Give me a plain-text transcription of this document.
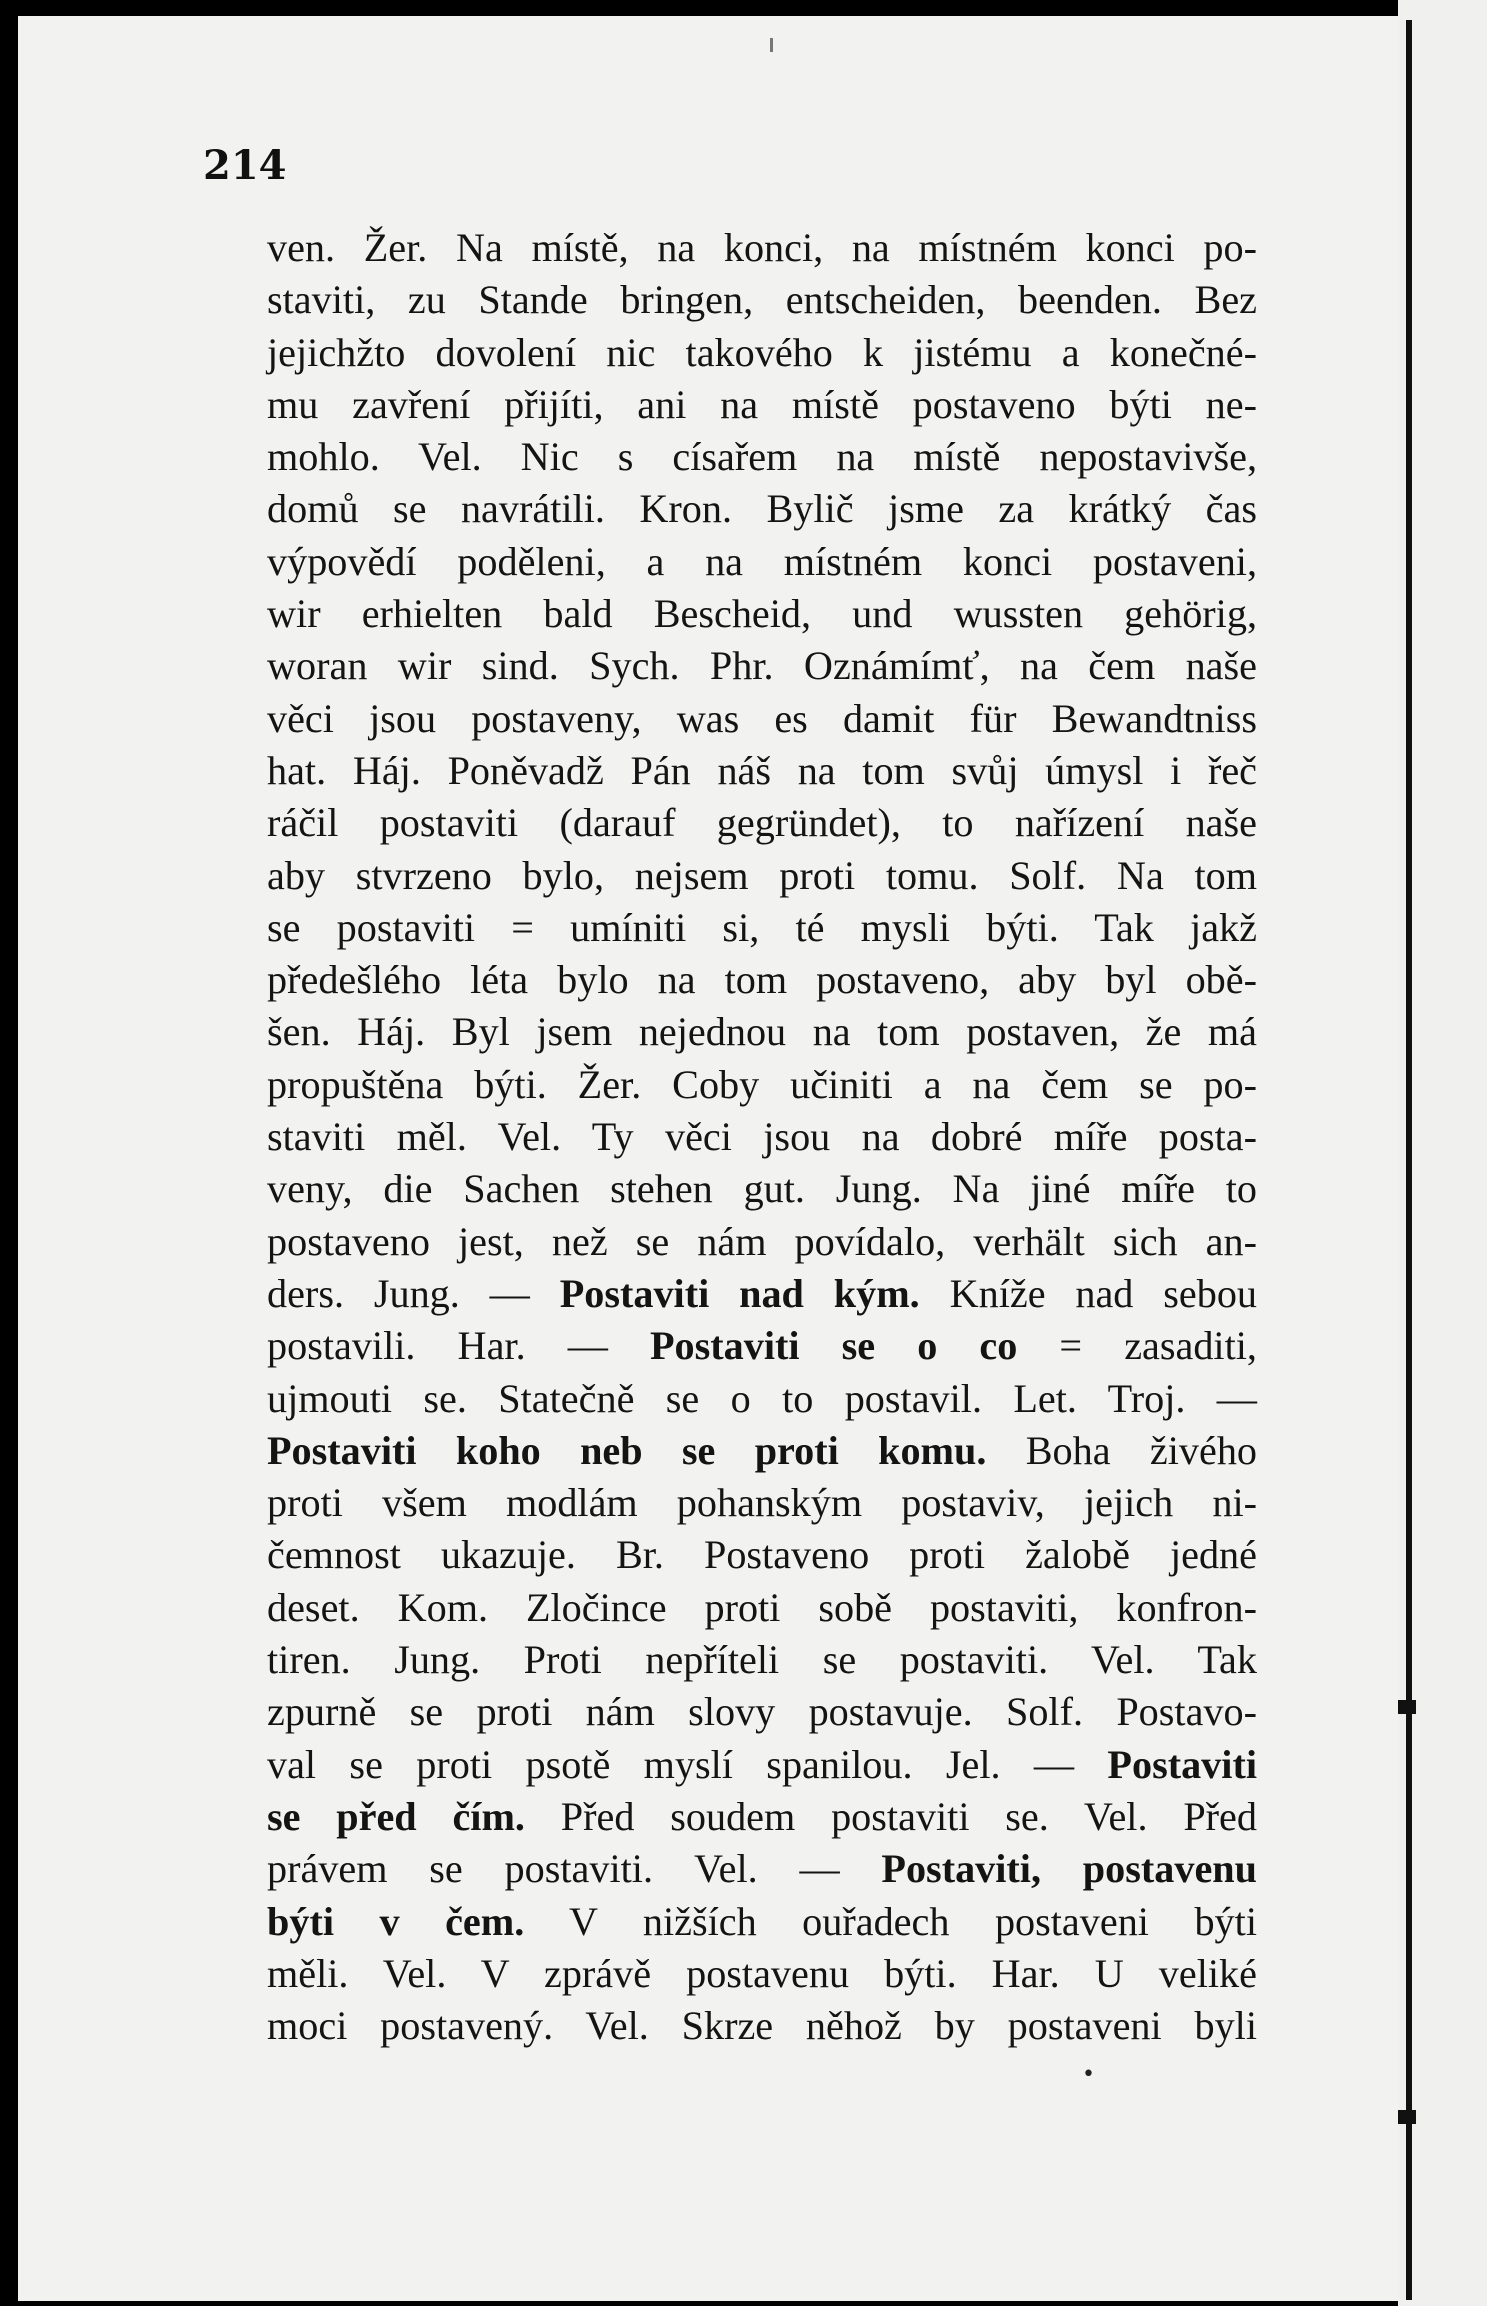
214
ven. Žer. Na místě, na konci, na místném konci po-
staviti, zu Stande bringen, entscheiden, beenden. Bez
jejichžto dovolení nic takového k jistému a konečné-
mu zavření přijíti, ani na místě postaveno býti ne-
mohlo. Vel. Nic s císařem na místě nepostavivše,
domů se navrátili. Kron. Bylič jsme za krátký čas
výpovědí poděleni, a na místném konci postaveni,
wir erhielten bald Bescheid, und wussten gehörig,
woran wir sind. Sych. Phr. Oznámímť, na čem naše
věci jsou postaveny, was es damit für Bewandtniss
hat. Háj. Poněvadž Pán náš na tom svůj úmysl i řeč
ráčil postaviti (darauf gegründet), to nařízení naše
aby stvrzeno bylo, nejsem proti tomu. Solf. Na tom
se postaviti = umíniti si, té mysli býti. Tak jakž
předešlého léta bylo na tom postaveno, aby byl obě-
šen. Háj. Byl jsem nejednou na tom postaven, že má
propuštěna býti. Žer. Coby učiniti a na čem se po-
staviti měl. Vel. Ty věci jsou na dobré míře posta-
veny, die Sachen stehen gut. Jung. Na jiné míře to
postaveno jest, než se nám povídalo, verhält sich an-
ders. Jung. — Postaviti nad kým. Kníže nad sebou
postavili. Har. — Postaviti se o co = zasaditi,
ujmouti se. Statečně se o to postavil. Let. Troj. —
Postaviti koho neb se proti komu. Boha živého
proti všem modlám pohanským postaviv, jejich ni-
čemnost ukazuje. Br. Postaveno proti žalobě jedné
deset. Kom. Zločince proti sobě postaviti, konfron-
tiren. Jung. Proti nepříteli se postaviti. Vel. Tak
zpurně se proti nám slovy postavuje. Solf. Postavo-
val se proti psotě myslí spanilou. Jel. — Postaviti
se před čím. Před soudem postaviti se. Vel. Před
právem se postaviti. Vel. — Postaviti, postavenu
býti v čem. V nižších ouřadech postaveni býti
měli. Vel. V zprávě postavenu býti. Har. U veliké
moci postavený. Vel. Skrze něhož by postaveni byli
•
